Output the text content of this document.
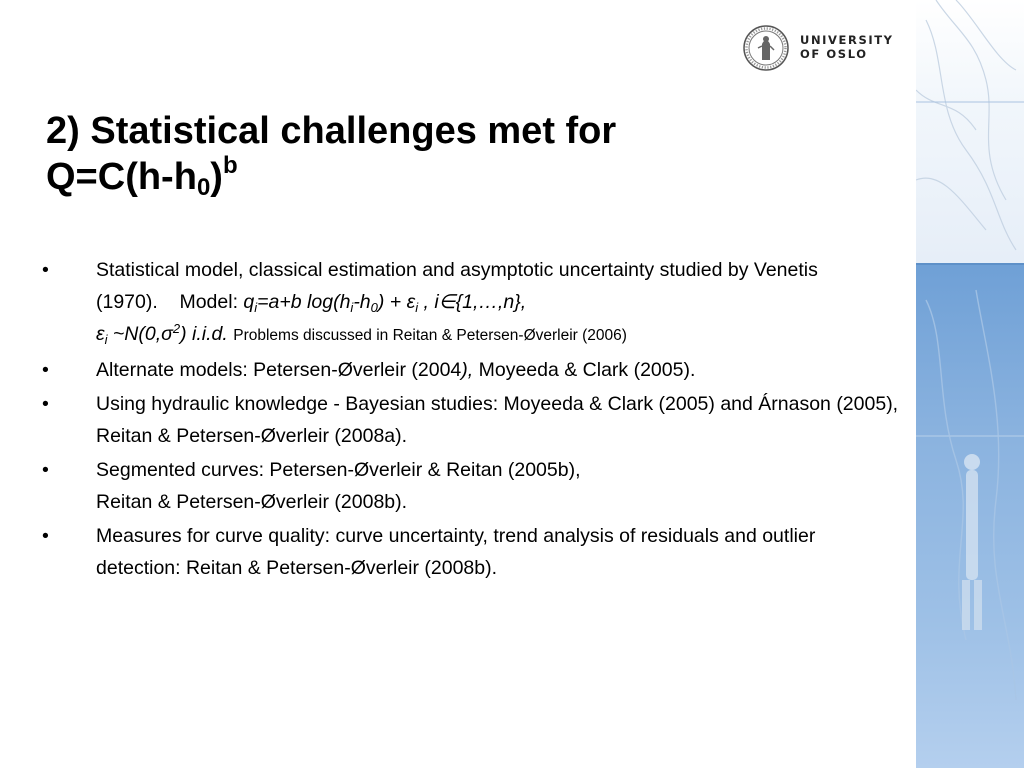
UNIVERSITY
OF OSLO
2) Statistical challenges met for
$Q=C(h-h_0)^b$
•	Statistical model, classical estimation and asymptotic uncertainty studied by Venetis (1970). Model: $q_i=a+b$ $\log(h_i-h_0) + \varepsilon_i$ , i∈{1,…,n},
$\varepsilon_i$ $\sim N(0,\sigma^2)$ i.i.d. Problems discussed in Reitan & Petersen-Øverleir (2006)
•	Alternate models: Petersen-Øverleir (2004), Moyeeda & Clark (2005).
•	Using hydraulic knowledge - Bayesian studies: Moyeeda & Clark (2005) and Árnason (2005), Reitan & Petersen-Øverleir (2008a).
•	Segmented curves: Petersen-Øverleir & Reitan (2005b),
Reitan & Petersen-Øverleir (2008b).
•	Measures for curve quality: curve uncertainty, trend analysis of residuals and outlier detection: Reitan & Petersen-Øverleir (2008b).
